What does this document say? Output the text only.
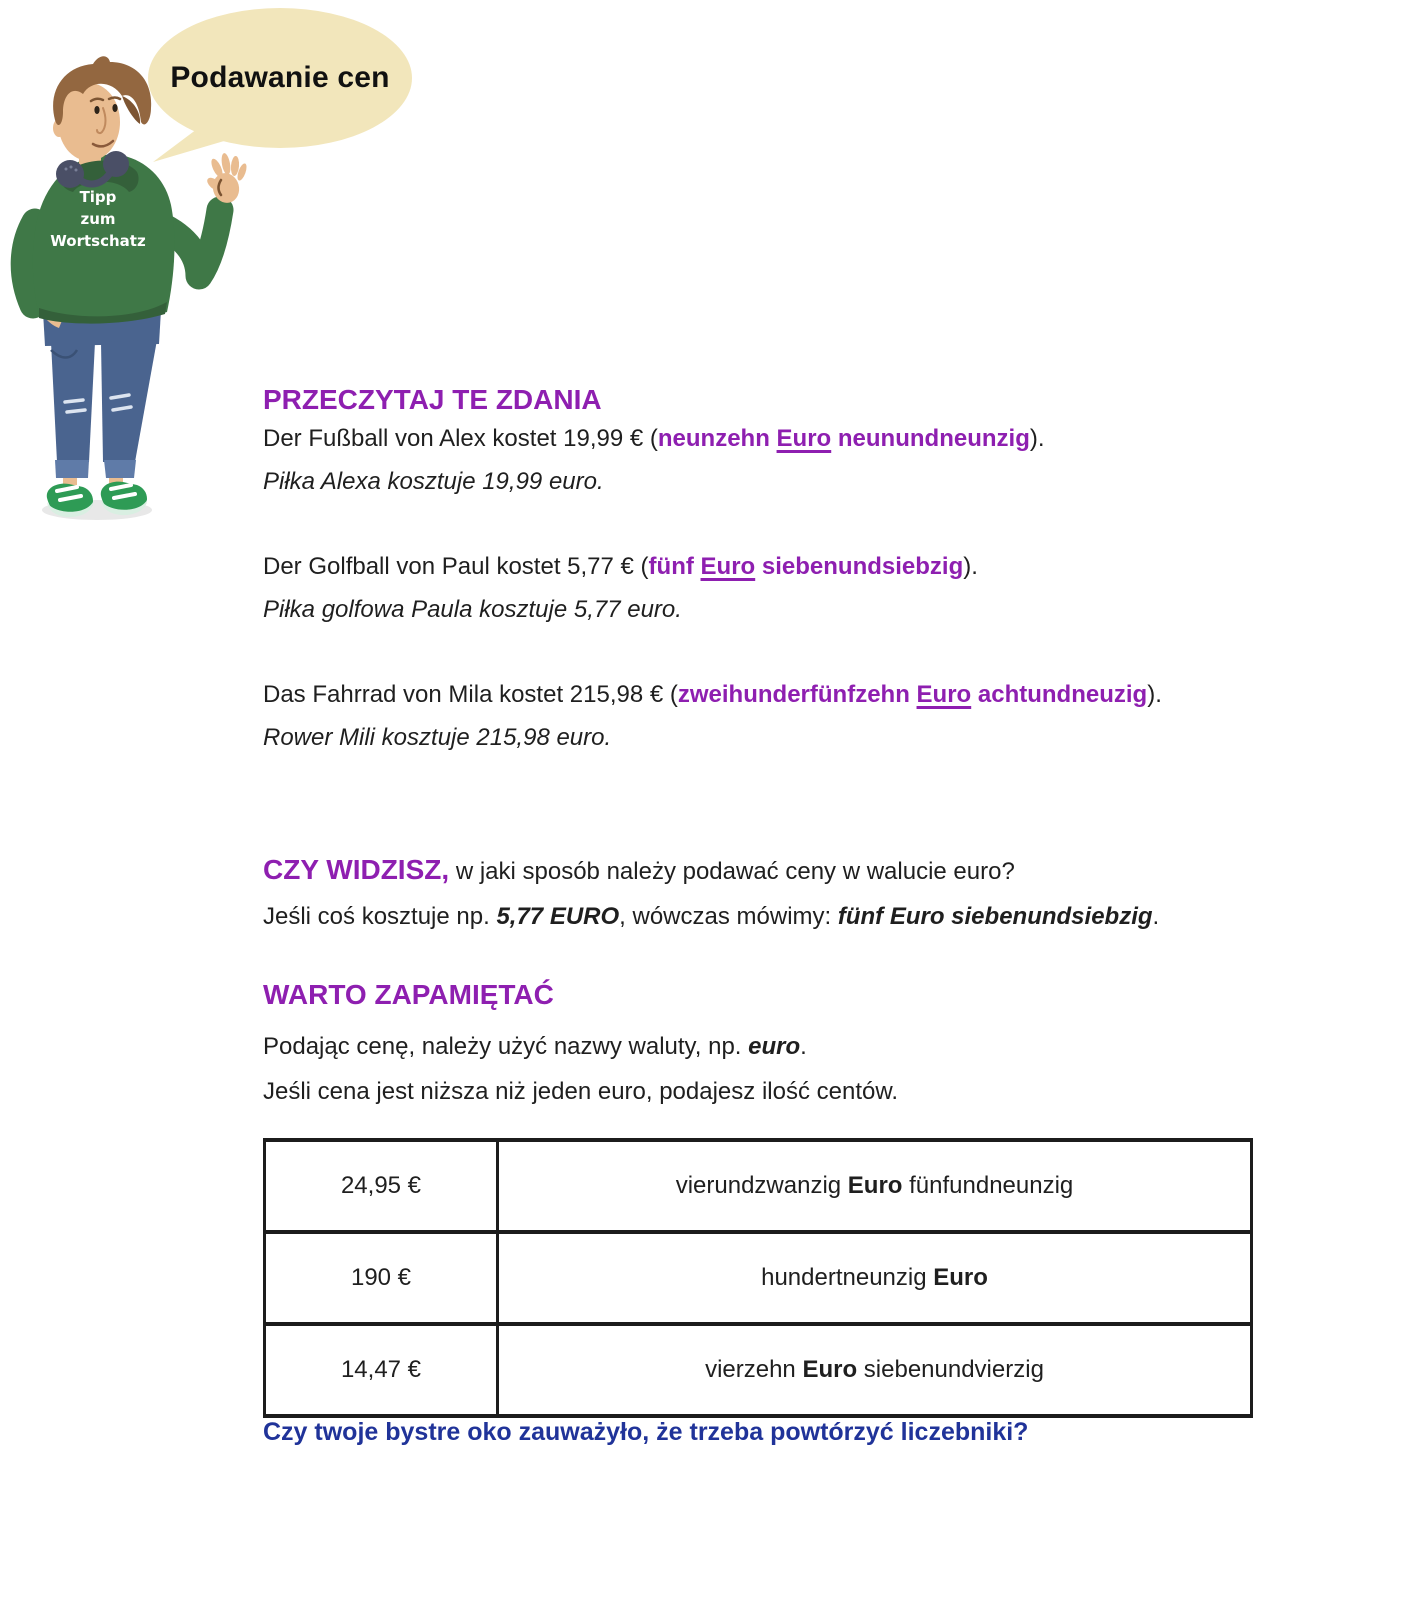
Podawanie cen
Tipp
zum
Wortschatz
PRZECZYTAJ TE ZDANIA

Der Fußball von Alex kostet 19,99 € (neunzehn Euro neunundneunzig).

Piłka Alexa kosztuje 19,99 euro.

Der Golfball von Paul kostet 5,77 € (fünf Euro siebenundsiebzig).

Piłka golfowa Paula kosztuje 5,77 euro.

Das Fahrrad von Mila kostet 215,98 € (zweihunderfünfzehn Euro achtundneuzig).

Rower Mili kosztuje 215,98 euro.

CZY WIDZISZ, w jaki sposób należy podawać ceny w walucie euro?

Jeśli coś kosztuje np. 5,77 EURO, wówczas mówimy: fünf Euro siebenundsiebzig.

WARTO ZAPAMIĘTAĆ

Podając cenę, należy użyć nazwy waluty, np. euro.

Jeśli cena jest niższa niż jeden euro, podajesz ilość centów.

24,95 €	vierundzwanzig Euro fünfundneunzig
190 €	hundertneunzig Euro
14,47 €	vierzehn Euro siebenundvierzig

Czy twoje bystre oko zauważyło, że trzeba powtórzyć liczebniki?
